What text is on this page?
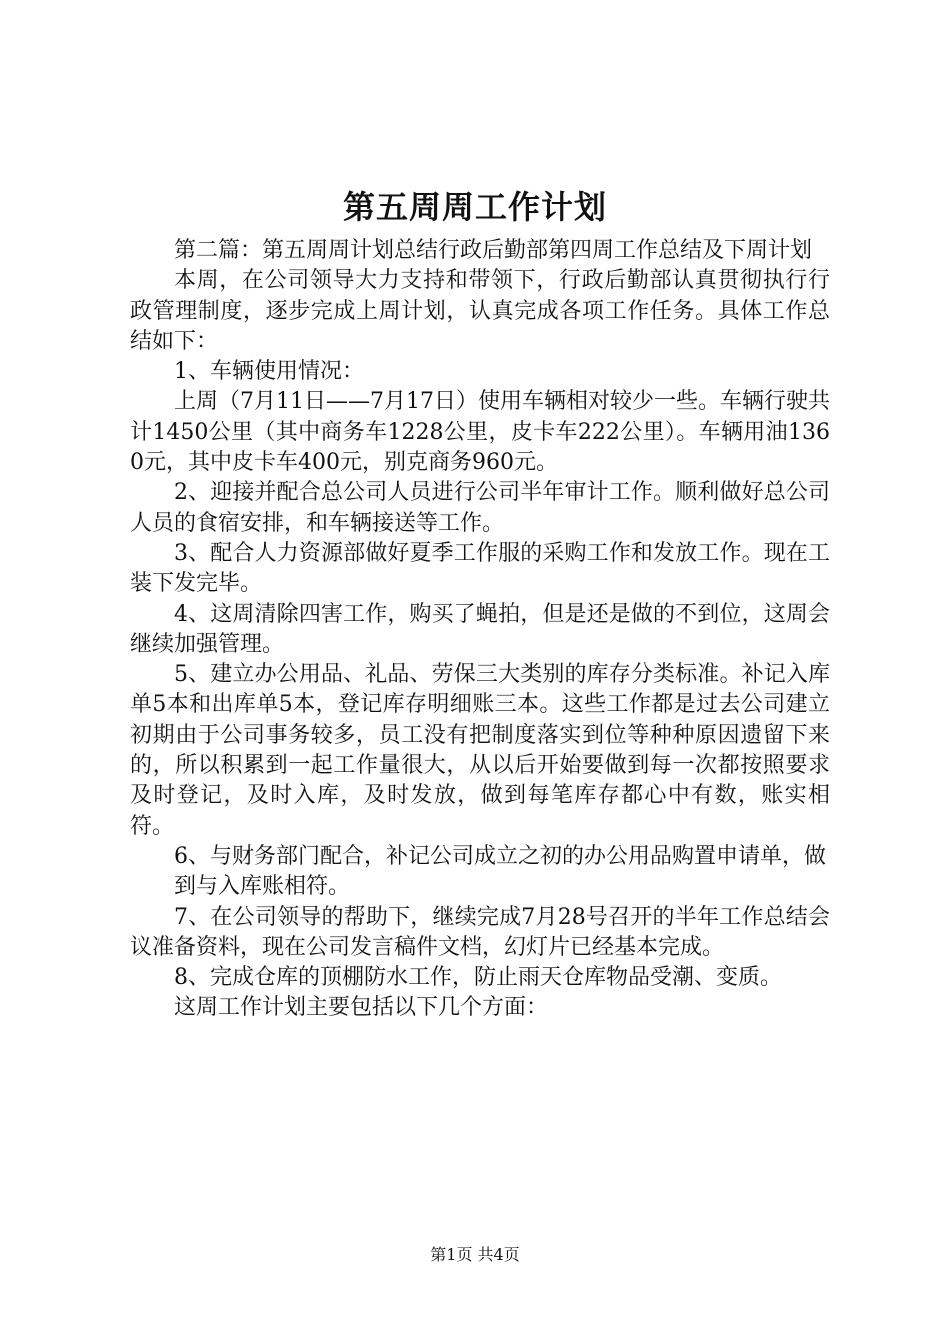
第五周周工作计划

第二篇：第五周周计划总结行政后勤部第四周工作总结及下周计划

本周，在公司领导大力支持和带领下，行政后勤部认真贯彻执行行政管理制度，逐步完成上周计划，认真完成各项工作任务。具体工作总结如下：

1、车辆使用情况：

上周（7月11日——7月17日）使用车辆相对较少一些。车辆行驶共计1450公里（其中商务车1228公里，皮卡车222公里）。车辆用油1360元，其中皮卡车400元，别克商务960元。

2、迎接并配合总公司人员进行公司半年审计工作。顺利做好总公司人员的食宿安排，和车辆接送等工作。

3、配合人力资源部做好夏季工作服的采购工作和发放工作。现在工装下发完毕。

4、这周清除四害工作，购买了蝇拍，但是还是做的不到位，这周会继续加强管理。

5、建立办公用品、礼品、劳保三大类别的库存分类标准。补记入库单5本和出库单5本，登记库存明细账三本。这些工作都是过去公司建立初期由于公司事务较多，员工没有把制度落实到位等种种原因遗留下来的，所以积累到一起工作量很大，从以后开始要做到每一次都按照要求及时登记，及时入库，及时发放，做到每笔库存都心中有数，账实相符。

6、与财务部门配合，补记公司成立之初的办公用品购置申请单，做

到与入库账相符。

7、在公司领导的帮助下，继续完成7月28号召开的半年工作总结会议准备资料，现在公司发言稿件文档，幻灯片已经基本完成。

8、完成仓库的顶棚防水工作，防止雨天仓库物品受潮、变质。

这周工作计划主要包括以下几个方面：

第1页 共4页
